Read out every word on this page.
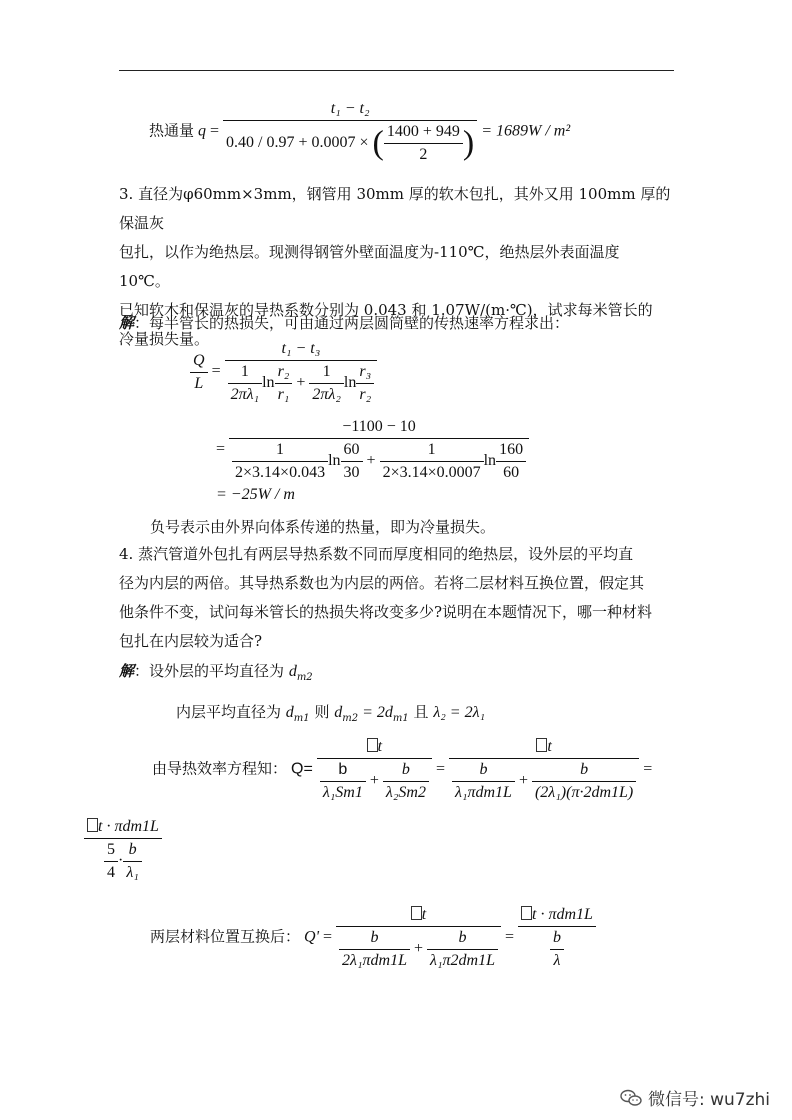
热通量 $q = \frac{\text{t₁ − t₂}}{0.40 / 0.97 + 0.0007 \times ( \frac{1400 + 949}{2} )} = 1689W / m^2$
3. 直径为φ60mm×3mm，钢管用 30mm 厚的软木包扎，其外又用 100mm 厚的保温灰
包扎，以作为绝热层。现测得钢管外壁面温度为-110℃，绝热层外表面温度 10℃。
已知软木和保温灰的导热系数分别为 0.043 和 1.07W/(m·℃)，试求每米管长的
冷量损失量。
解：每半管长的热损失，可由通过两层圆筒壁的传热速率方程求出：
$\frac{Q}{L} = \frac{\text{t₁ − t₃}}{\frac{1}{\text{2πλ₁}} \ln \frac{\text{r₂}}{\text{r₁}} + \frac{1}{\text{2πλ₂}} \ln \frac{\text{r₃}}{\text{r₂}}}$
= $\frac{-1100 - 10}{\frac{1}{2\times 3.14\times 0.043} \ln \frac{60}{30} + \frac{1}{2\times 3.14\times 0.0007} \ln \frac{160}{60}}$
= −25W / m
负号表示由外界向体系传递的热量，即为冷量损失。
4. 蒸汽管道外包扎有两层导热系数不同而厚度相同的绝热层，设外层的平均直
径为内层的两倍。其导热系数也为内层的两倍。若将二层材料互换位置，假定其
他条件不变，试问每米管长的热损失将改变多少?说明在本题情况下，哪一种材料
包扎在内层较为适合?
解：设外层的平均直径为 $d_{m2}$
内层平均直径为 $d_{m1}$ 则 $d_{m2} = 2d_{m1}$ 且 λ₂ = 2λ₁
由导热效率方程知： $Q= \frac{t}{\frac{b}{\text{λ₁Sm1}} + \frac{b}{\text{λ₂Sm2}}} = \frac{t}{\frac{b}{\text{λ₁πdm1L}} + \frac{b}{\text{(2λ₁)(π·2dm1L)}}}$ =
$\frac{\text{t · πdm1L}}{\frac{5}{4} \cdot \frac{b}{\text{λ₁}}}$
两层材料位置互换后： $Q' = \frac{t}{\frac{b}{\text{2λ₁πdm1L}} + \frac{b}{\text{λ₁π2dm1L}}} = \frac{\text{t · πdm1L}}{\frac{b}{\lambda}}$
微信号: wu7zhi
